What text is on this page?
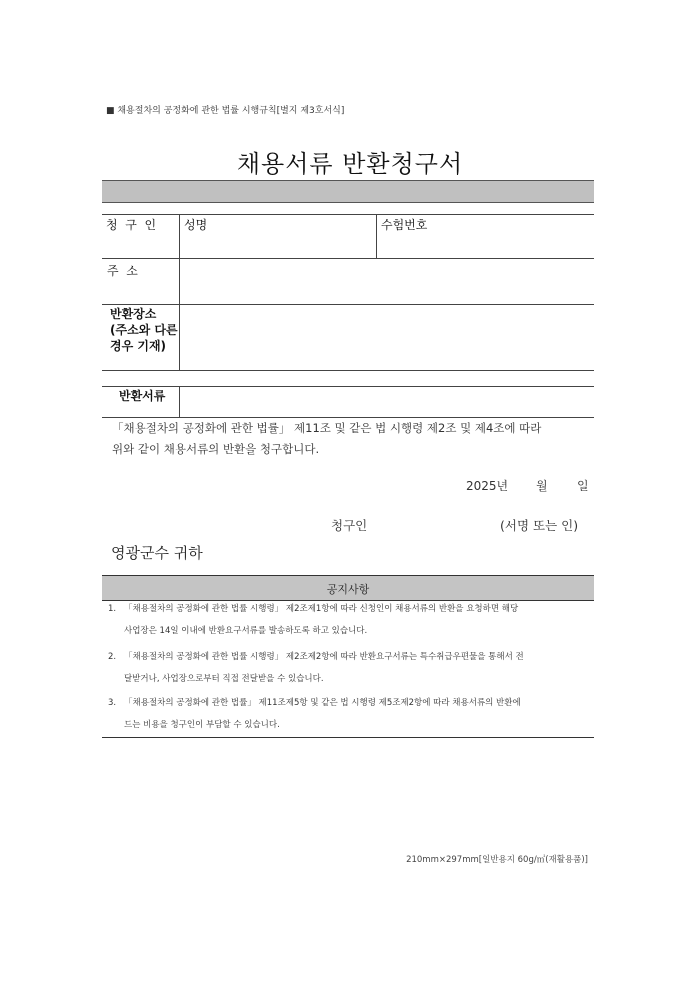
■ 채용절차의 공정화에 관한 법률 시행규칙[별지 제3호서식]
채용서류 반환청구서
청  구  인 성명	수험번호
주  소
반환장소
(주소와 다른
경우 기재)
반환서류
「채용절차의 공정화에 관한 법률」 제11조 및 같은 법 시행령 제2조 및 제4조에 따라
위와 같이 채용서류의 반환을 청구합니다.
2025년 월 일
청구인	(서명 또는 인)
영광군수 귀하
공지사항
1. 「채용절차의 공정화에 관한 법률 시행령」 제2조제1항에 따라 신청인이 채용서류의 반환을 요청하면 해당
사업장은 14일 이내에 반환요구서류를 발송하도록 하고 있습니다.
2. 「채용절차의 공정화에 관한 법률 시행령」 제2조제2항에 따라 반환요구서류는 특수취급우편물을 통해서 전
달받거나, 사업장으로부터 직접 전달받을 수 있습니다.
3. 「채용절차의 공정화에 관한 법률」 제11조제5항 및 같은 법 시행령 제5조제2항에 따라 채용서류의 반환에
드는 비용을 청구인이 부담할 수 있습니다.
210mm×297mm[일반용지 60g/㎡(재활용품)]
